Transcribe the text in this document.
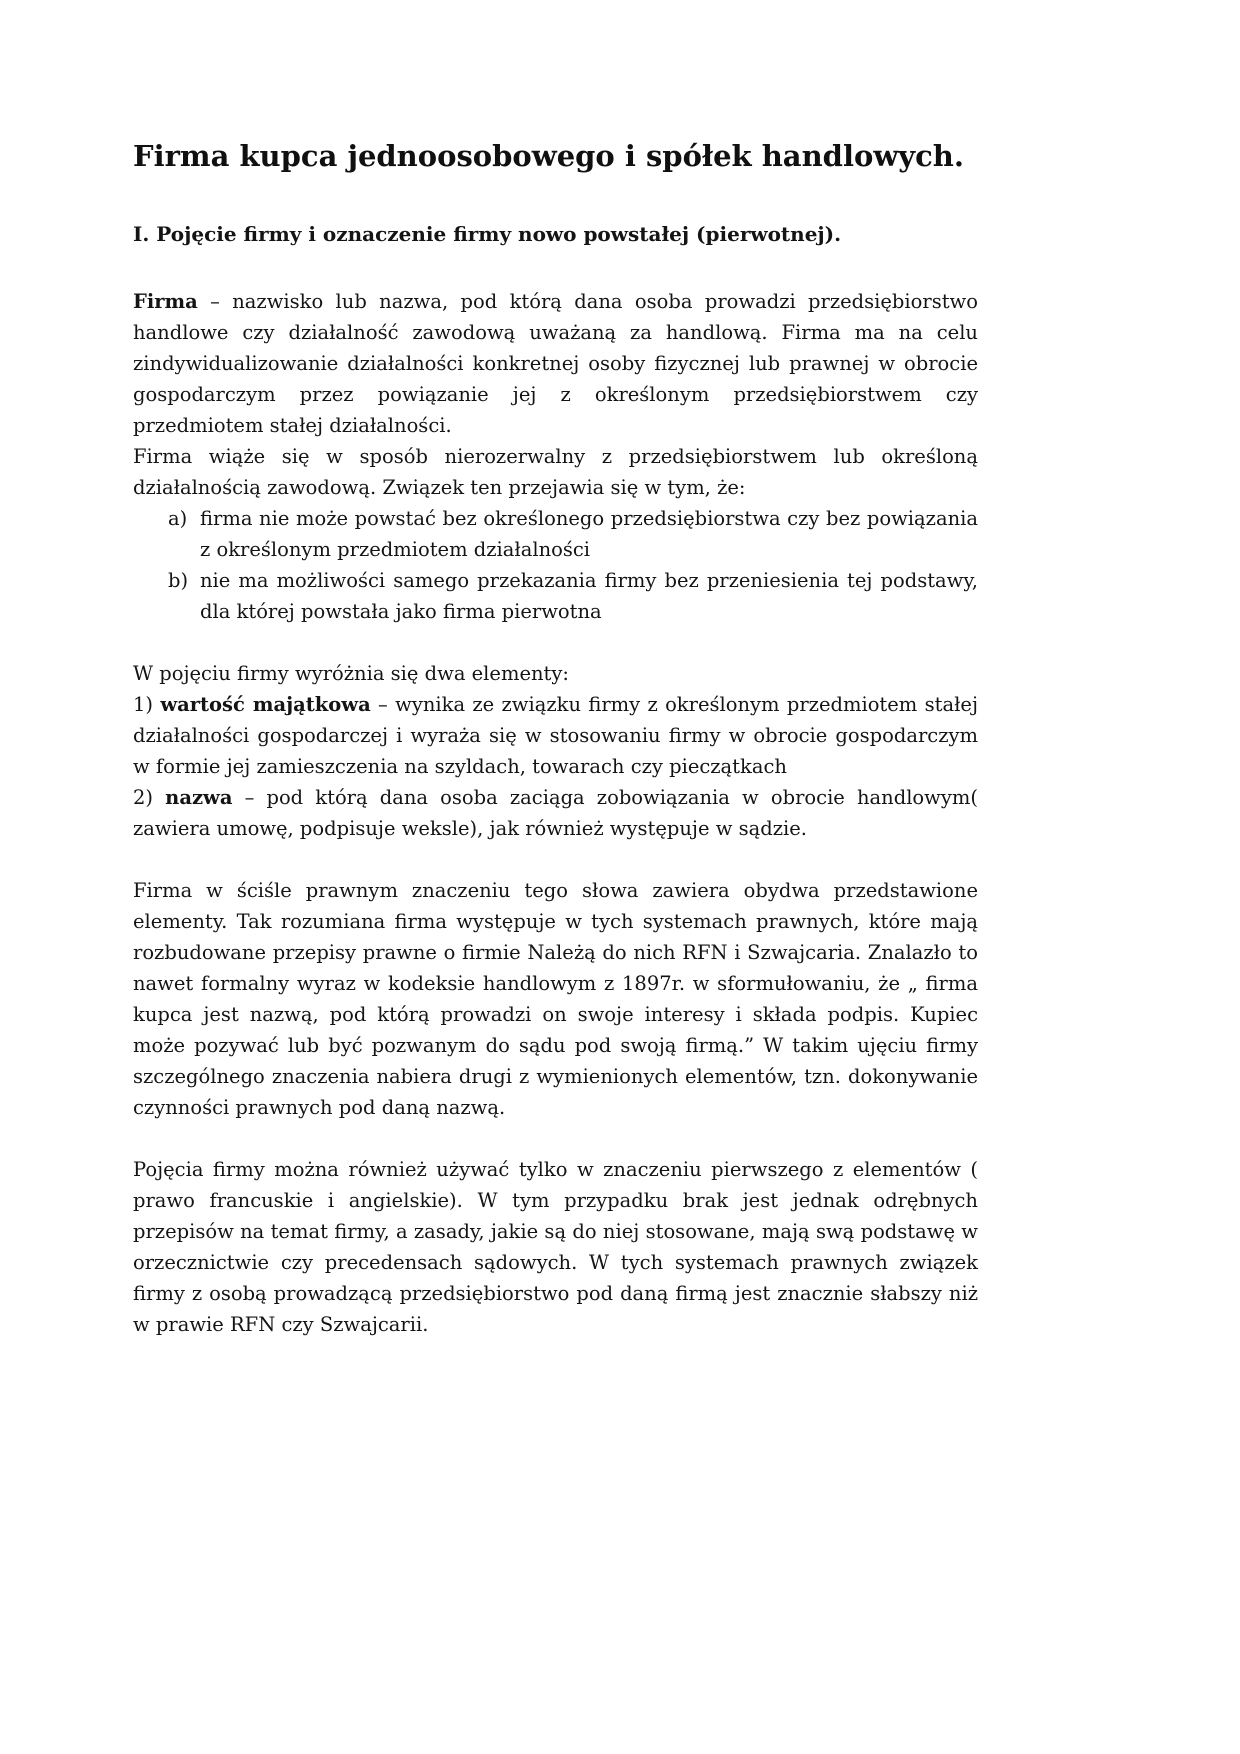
Firma kupca jednoosobowego i spółek handlowych.
I. Pojęcie firmy i oznaczenie firmy nowo powstałej (pierwotnej).

Firma – nazwisko lub nazwa, pod którą dana osoba prowadzi przedsiębiorstwo handlowe czy działalność zawodową uważaną za handlową. Firma ma na celu zindywidualizowanie działalności konkretnej osoby fizycznej lub prawnej w obrocie gospodarczym przez powiązanie jej z określonym przedsiębiorstwem czy przedmiotem stałej działalności.

Firma wiąże się w sposób nierozerwalny z przedsiębiorstwem lub określoną działalnością zawodową. Związek ten przejawia się w tym, że:

a) firma nie może powstać bez określonego przedsiębiorstwa czy bez powiązania z określonym przedmiotem działalności
b) nie ma możliwości samego przekazania firmy bez przeniesienia tej podstawy, dla której powstała jako firma pierwotna

W pojęciu firmy wyróżnia się dwa elementy:

1) wartość majątkowa – wynika ze związku firmy z określonym przedmiotem stałej działalności gospodarczej i wyraża się w stosowaniu firmy w obrocie gospodarczym w formie jej zamieszczenia na szyldach, towarach czy pieczątkach

2) nazwa – pod którą dana osoba zaciąga zobowiązania w obrocie handlowym( zawiera umowę, podpisuje weksle), jak również występuje w sądzie.

Firma w ściśle prawnym znaczeniu tego słowa zawiera obydwa przedstawione elementy. Tak rozumiana firma występuje w tych systemach prawnych, które mają rozbudowane przepisy prawne o firmie Należą do nich RFN i Szwajcaria. Znalazło to nawet formalny wyraz w kodeksie handlowym z 1897r. w sformułowaniu, że „ firma kupca jest nazwą, pod którą prowadzi on swoje interesy i składa podpis. Kupiec może pozywać lub być pozwanym do sądu pod swoją firmą.” W takim ujęciu firmy szczególnego znaczenia nabiera drugi z wymienionych elementów, tzn. dokonywanie czynności prawnych pod daną nazwą.

Pojęcia firmy można również używać tylko w znaczeniu pierwszego z elementów ( prawo francuskie i angielskie). W tym przypadku brak jest jednak odrębnych przepisów na temat firmy, a zasady, jakie są do niej stosowane, mają swą podstawę w orzecznictwie czy precedensach sądowych. W tych systemach prawnych związek firmy z osobą prowadzącą przedsiębiorstwo pod daną firmą jest znacznie słabszy niż w prawie RFN czy Szwajcarii.
